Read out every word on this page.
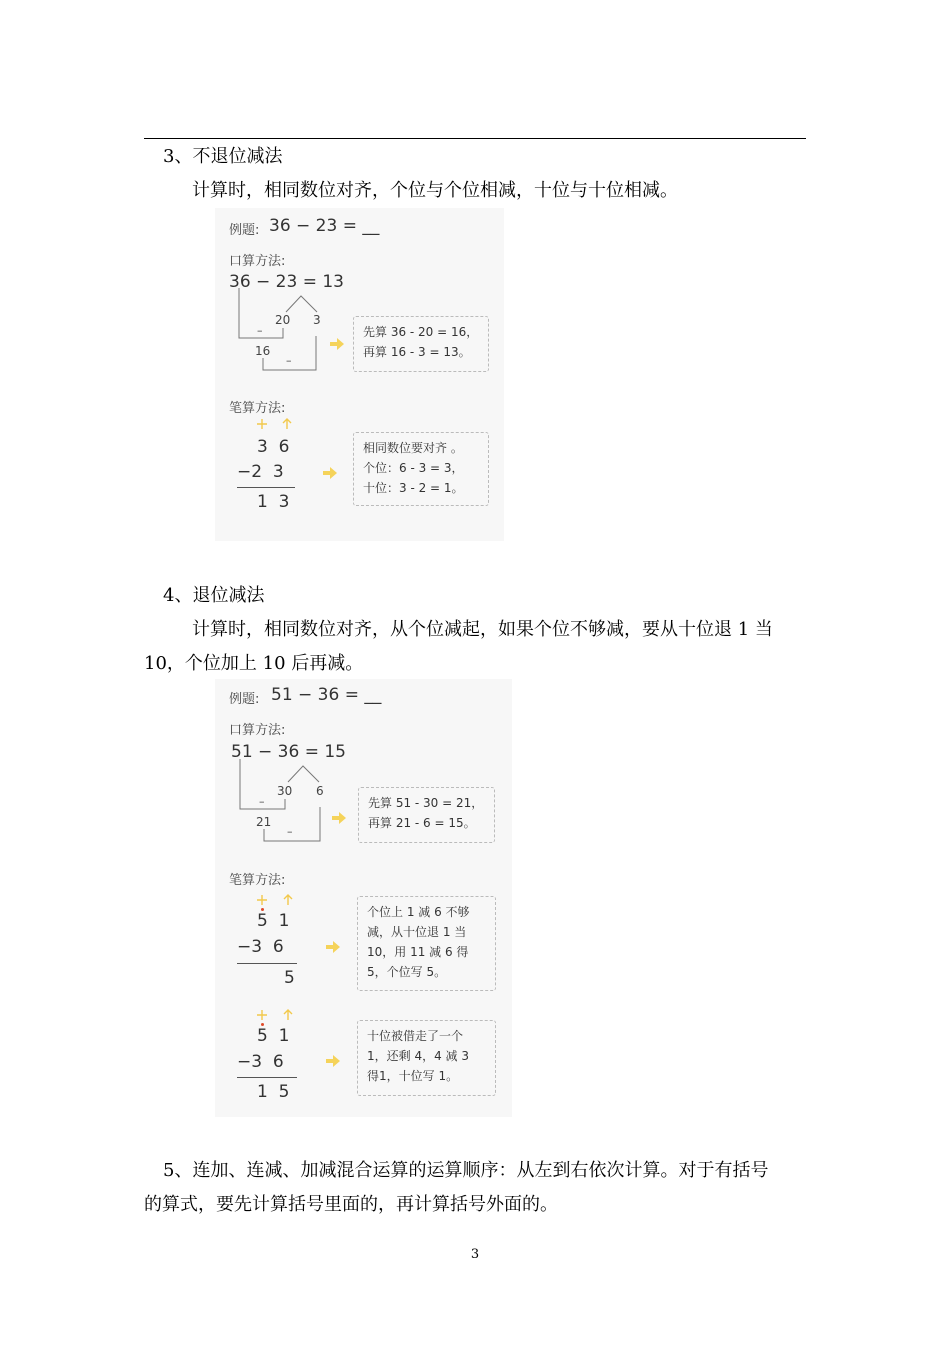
3、不退位减法
计算时，相同数位对齐，个位与个位相减，十位与十位相减。
例题: 36 − 23 = __
口算方法:
36 − 23 = 13
20 3
–
16
–
先算 36 - 20 = 16，
再算 16 - 3 = 13。
笔算方法:
3  6
−2  3
1  3
相同数位要对齐 。
个位：6 - 3 = 3，
十位：3 - 2 = 1。
4、退位减法
计算时，相同数位对齐，从个位减起，如果个位不够减，要从十位退 1 当
10，个位加上 10 后再减。
例题: 51 − 36 = __
口算方法:
51 − 36 = 15
30 6
–
21
–
先算 51 - 30 = 21，
再算 21 - 6 = 15。
笔算方法:
5  1
−3  6
5
个位上 1 减 6 不够
减，从十位退 1 当
10，用 11 减 6 得
5，个位写 5。
5  1
−3  6
1  5
十位被借走了一个
1，还剩 4，4 减 3
得1，十位写 1。
5、连加、连减、加减混合运算的运算顺序：从左到右依次计算。对于有括号
的算式，要先计算括号里面的，再计算括号外面的。
3
